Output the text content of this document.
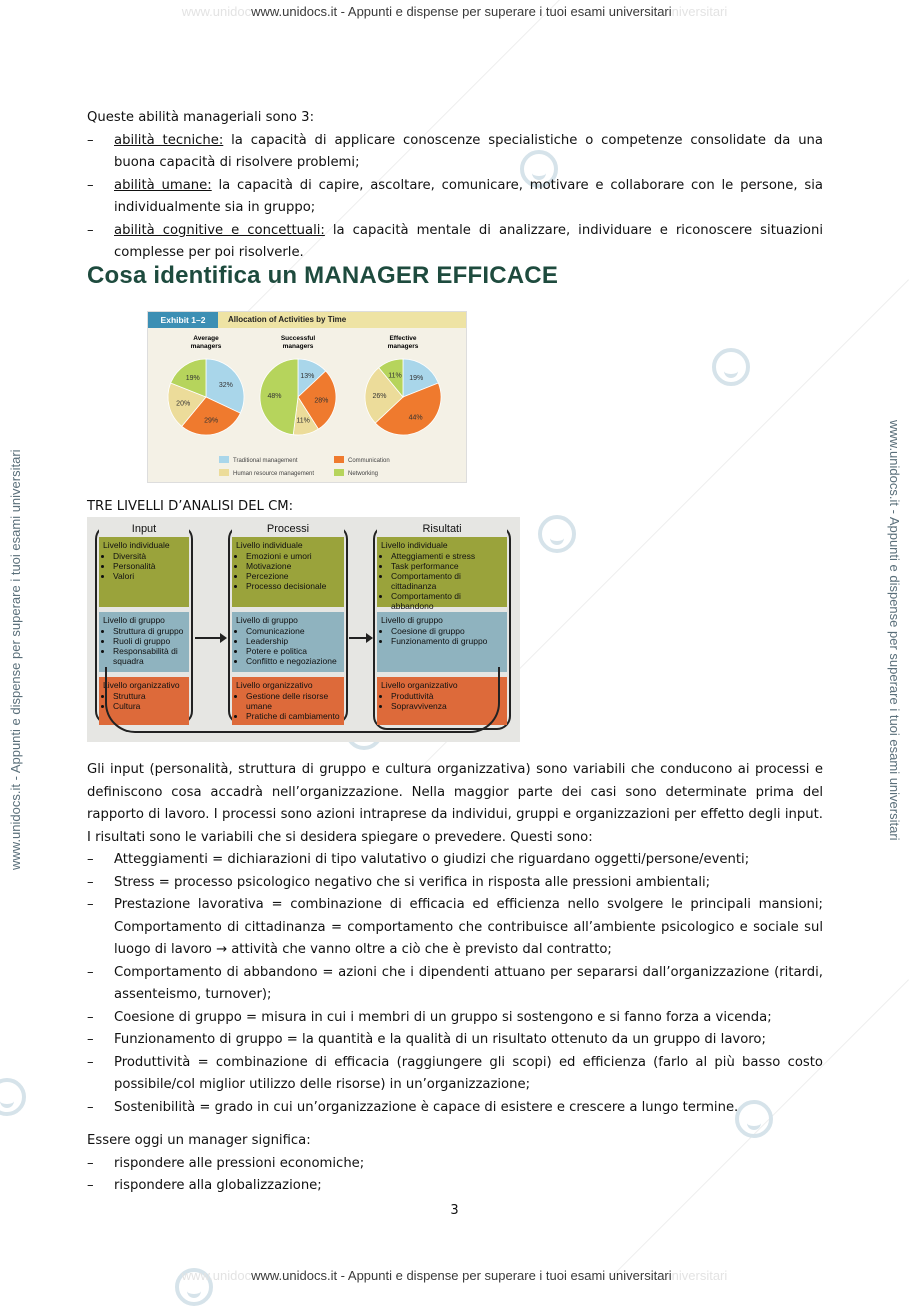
www.unidocwww.unidocs.it - Appunti e dispense per superare i tuoi esami universitariniversitari
www.unidocwww.unidocs.it - Appunti e dispense per superare i tuoi esami universitariniversitari
www.unidocs.it - Appunti e dispense per superare i tuoi esami universitari	www.unidocs.it - Appunti e dispense per superare i tuoi esami universitari

Queste abilità manageriali sono 3:

– abilità tecniche: la capacità di applicare conoscenze specialistiche o competenze consolidate da una buona capacità di risolvere problemi;
– abilità umane: la capacità di capire, ascoltare, comunicare, motivare e collaborare con le persone, sia individualmente sia in gruppo;
– abilità cognitive e concettuali: la capacità mentale di analizzare, individuare e riconoscere situazioni complesse per poi risolverle.
Cosa identifica un MANAGER EFFICACE
Exhibit 1–2	Allocation of Activities by Time
Average
managers
32%
29%
20%
19%
Successful
managers
13%
28%
11%
48%
Effective
managers
19%
44%
26%
11%
Traditional management	Communication
Human resource management	Networking
TRE LIVELLI D’ANALISI DEL CM:
Input
Livello individuale
• Diversità
• Personalità
• Valori
Livello di gruppo
• Struttura di gruppo
• Ruoli di gruppo
• Responsabilità di squadra
Livello organizzativo
• Struttura
• Cultura
Processi
Livello individuale
• Emozioni e umori
• Motivazione
• Percezione
• Processo decisionale
Livello di gruppo
• Comunicazione
• Leadership
• Potere e politica
• Conflitto e negoziazione
Livello organizzativo
• Gestione delle risorse umane
• Pratiche di cambiamento
Risultati
Livello individuale
• Atteggiamenti e stress
• Task performance
• Comportamento di cittadinanza
• Comportamento di abbandono
Livello di gruppo
• Coesione di gruppo
• Funzionamento di gruppo
Livello organizzativo
• Produttività
• Sopravvivenza

Gli input (personalità, struttura di gruppo e cultura organizzativa) sono variabili che conducono ai processi e definiscono cosa accadrà nell’organizzazione. Nella maggior parte dei casi sono determinate prima del rapporto di lavoro. I processi sono azioni intraprese da individui, gruppi e organizzazioni per effetto degli input. I risultati sono le variabili che si desidera spiegare o prevedere. Questi sono:

– Atteggiamenti = dichiarazioni di tipo valutativo o giudizi che riguardano oggetti/persone/eventi;
– Stress = processo psicologico negativo che si verifica in risposta alle pressioni ambientali;
– Prestazione lavorativa = combinazione di efficacia ed efficienza nello svolgere le principali mansioni; Comportamento di cittadinanza = comportamento che contribuisce all’ambiente psicologico e sociale sul luogo di lavoro → attività che vanno oltre a ciò che è previsto dal contratto;
– Comportamento di abbandono = azioni che i dipendenti attuano per separarsi dall’organizzazione (ritardi, assenteismo, turnover);
– Coesione di gruppo = misura in cui i membri di un gruppo si sostengono e si fanno forza a vicenda;
– Funzionamento di gruppo = la quantità e la qualità di un risultato ottenuto da un gruppo di lavoro;
– Produttività = combinazione di efficacia (raggiungere gli scopi) ed efficienza (farlo al più basso costo possibile/col miglior utilizzo delle risorse) in un’organizzazione;
– Sostenibilità = grado in cui un’organizzazione è capace di esistere e crescere a lungo termine.

Essere oggi un manager significa:

– rispondere alle pressioni economiche;
– rispondere alla globalizzazione;
3
